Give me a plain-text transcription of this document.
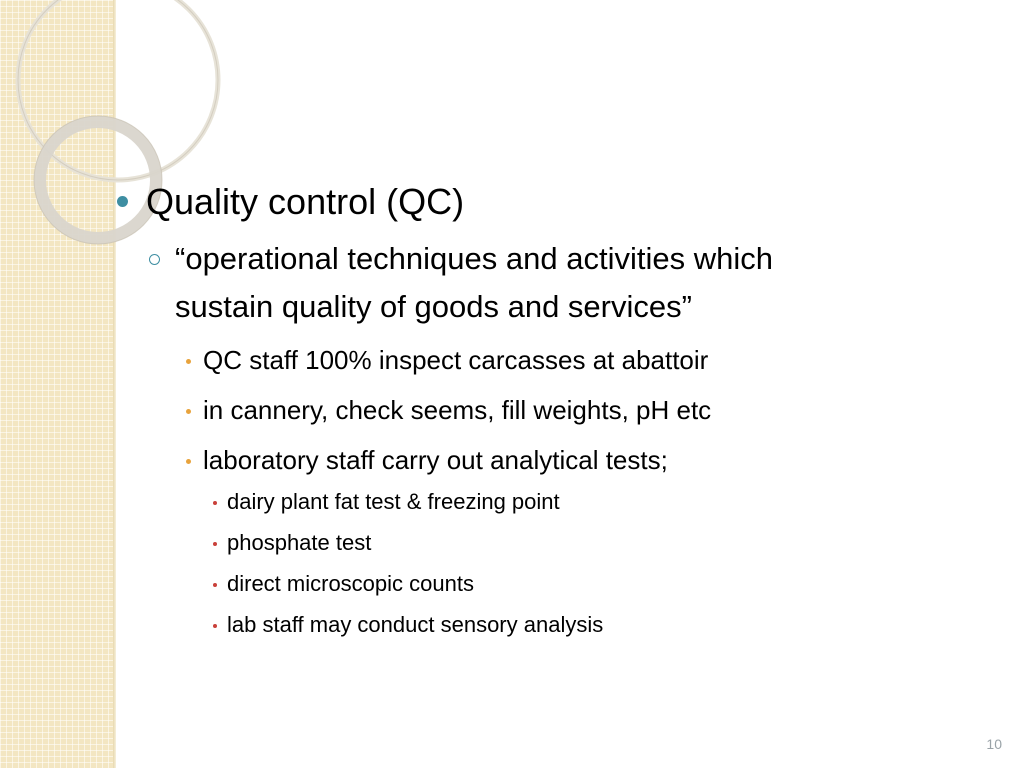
Quality control (QC)
“operational techniques and activities which
sustain quality of goods and services”
QC staff 100% inspect carcasses at abattoir
in cannery, check seems, fill weights, pH etc
laboratory staff carry out analytical tests;
dairy plant fat test & freezing point
phosphate test
direct microscopic counts
lab staff may conduct sensory analysis
10
